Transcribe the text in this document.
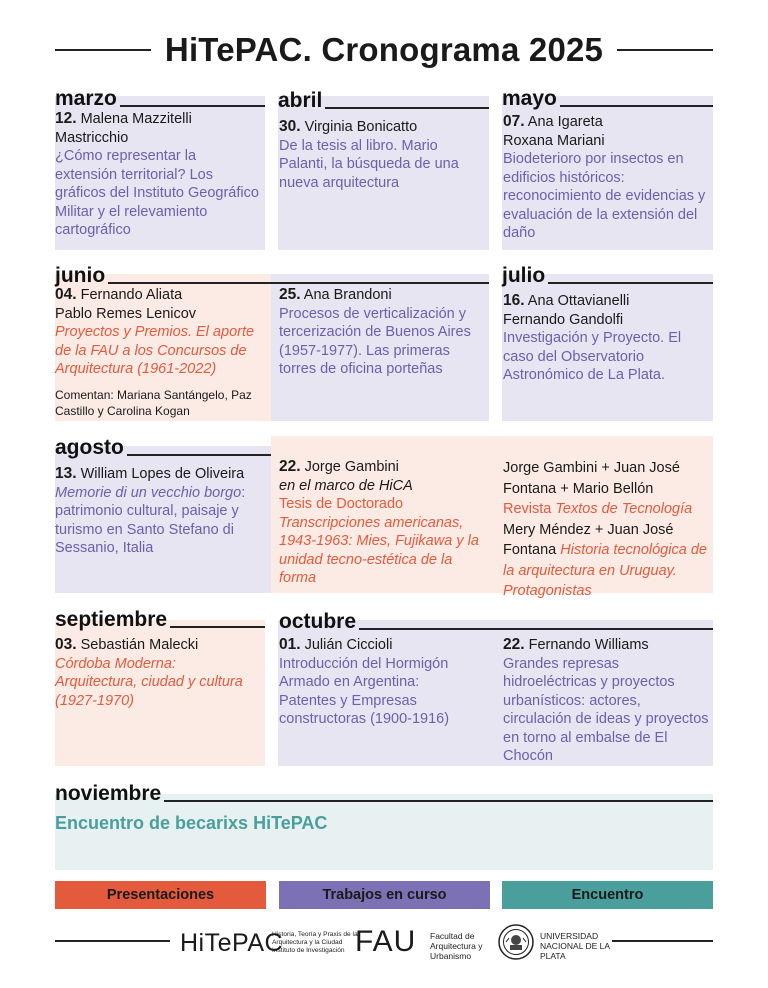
HiTePAC. Cronograma 2025
marzo	abril	mayo
12. Malena Mazzitelli Mastricchio
¿Cómo representar la extensión territorial? Los gráficos del Instituto Geográfico Militar y el relevamiento cartográfico
30. Virginia Bonicatto
De la tesis al libro. Mario Palanti, la búsqueda de una nueva arquitectura
07. Ana Igareta
Roxana Mariani
Biodeterioro por insectos en edificios históricos: reconocimiento de evidencias y evaluación de la extensión del daño
junio	julio
04. Fernando Aliata
Pablo Remes Lenicov
Proyectos y Premios. El aporte de la FAU a los Concursos de Arquitectura (1961-2022)
Comentan: Mariana Santángelo, Paz Castillo y Carolina Kogan
25. Ana Brandoni
Procesos de verticalización y tercerización de Buenos Aires (1957-1977). Las primeras torres de oficina porteñas
16. Ana Ottavianelli
Fernando Gandolfi
Investigación y Proyecto. El caso del Observatorio Astronómico de La Plata.
agosto
13. William Lopes de Oliveira
Memorie di un vecchio borgo: patrimonio cultural, paisaje y turismo en Santo Stefano di Sessanio, Italia
22. Jorge Gambini
en el marco de HiCA
Tesis de Doctorado
Transcripciones americanas, 1943-1963: Mies, Fujikawa y la unidad tecno-estética de la forma
Jorge Gambini + Juan José Fontana + Mario Bellón
Revista Textos de Tecnología
Mery Méndez + Juan José Fontana Historia tecnológica de la arquitectura en Uruguay. Protagonistas
septiembre	octubre
03. Sebastián Malecki
Córdoba Moderna: Arquitectura, ciudad y cultura (1927-1970)
01. Julián Ciccioli
Introducción del Hormigón Armado en Argentina: Patentes y Empresas constructoras (1900-1916)
22. Fernando Williams
Grandes represas hidroeléctricas y proyectos urbanísticos: actores, circulación de ideas y proyectos en torno al embalse de El Chocón
noviembre
Encuentro de becarixs HiTePAC
Presentaciones	Trabajos en curso	Encuentro
HiTePAC
Historia, Teoría y Praxis de la Arquitectura y la Ciudad Instituto de Investigación FAU Facultad de Arquitectura y Urbanismo
UNIVERSIDAD NACIONAL DE LA PLATA
